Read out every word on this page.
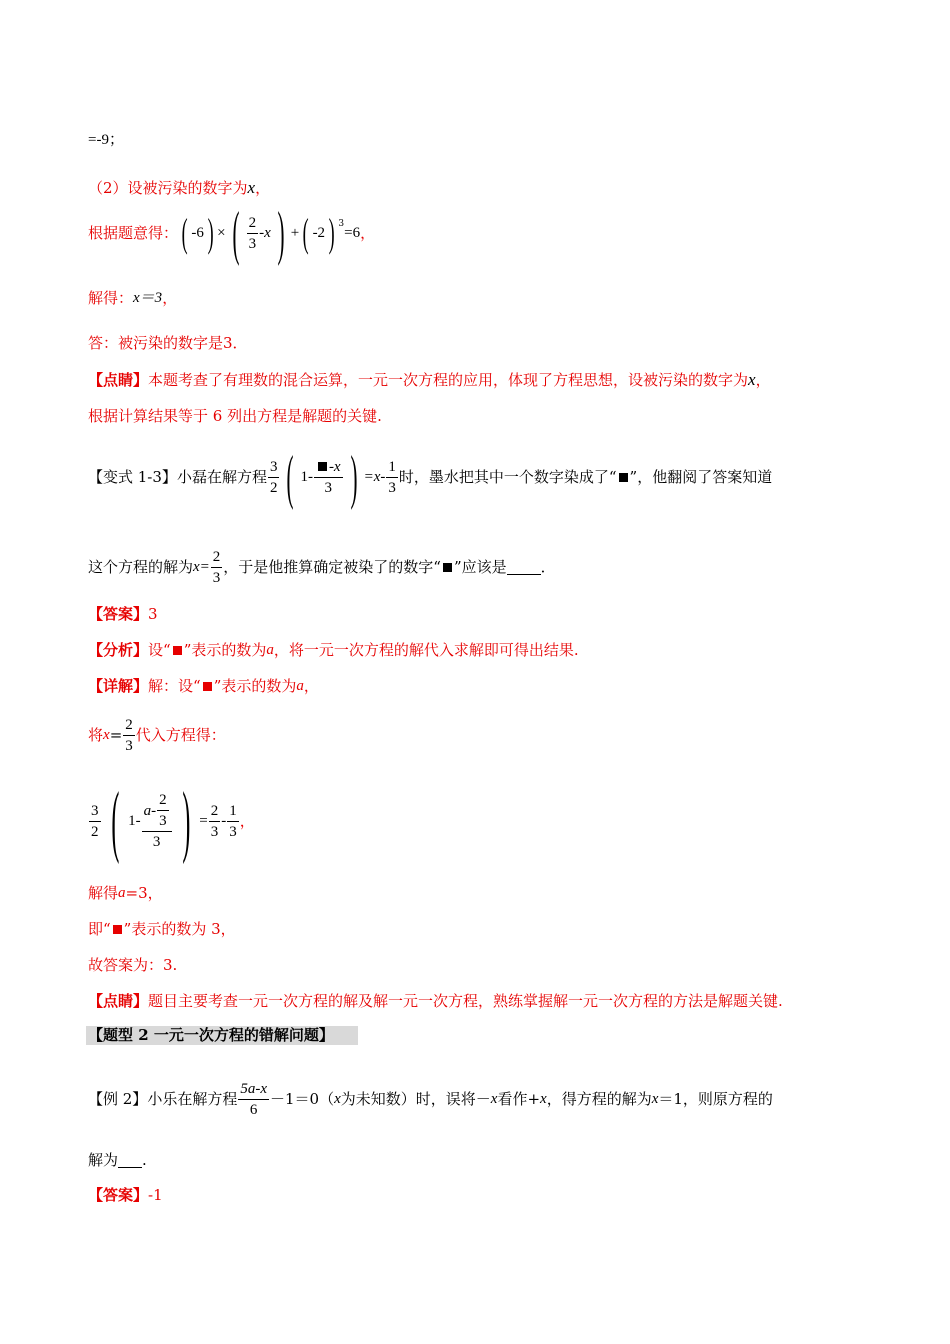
=-9；
（2）设被污染的数字为 x ，
根据题意得： ( -6 ) × ( $\frac{2}{3} -x$ ) + ( -2 ) $^3$
=6 ，
解得： x＝3 ，
答：被污染的数字是3．
【点睛】 本题考查了有理数的混合运算，一元一次方程的应用，体现了方程思想，设被污染的数字为 x ，
根据计算结果等于 6 列出方程是解题的关键.
【变式 1-3】 小磊在解方程 $\frac{3}{2}$ ( $1- \frac{-x}{3}$ ) $=x- \frac{1}{3}$ 时，墨水把其中一个数字染成了“ ”，他翻阅了答案知道
这个方程的解为 $x= \frac{2}{3}$ ，于是他推算确定被染了的数字“ ”应该是 ．
【答案】 3
【分析】 设“ ”表示的数为 a ，将一元一次方程的解代入求解即可得出结果.
【详解】 解：设“ ”表示的数为 a ，
将 $x = \frac{2}{3}$ 代入方程得：
$\frac{3}{2}$ ( $1- \frac{a- \frac{2}{3}}{3}$ ) = $\frac{2}{3} - \frac{1}{3}$ ，
解得 a =3，
即“ ”表示的数为 3，
故答案为：3.
【点睛】 题目主要考查一元一次方程的解及解一元一次方程，熟练掌握解一元一次方程的方法是解题关键.
【题型 2 一元一次方程的错解问题】
【例 2】 小乐在解方程 $\frac{5a-x}{6} -1=0$（ x 为未知数）时，误将－ x 看作+ x ，得方程的解为 x ＝1，则原方程的
解为 .
【答案】 -1
